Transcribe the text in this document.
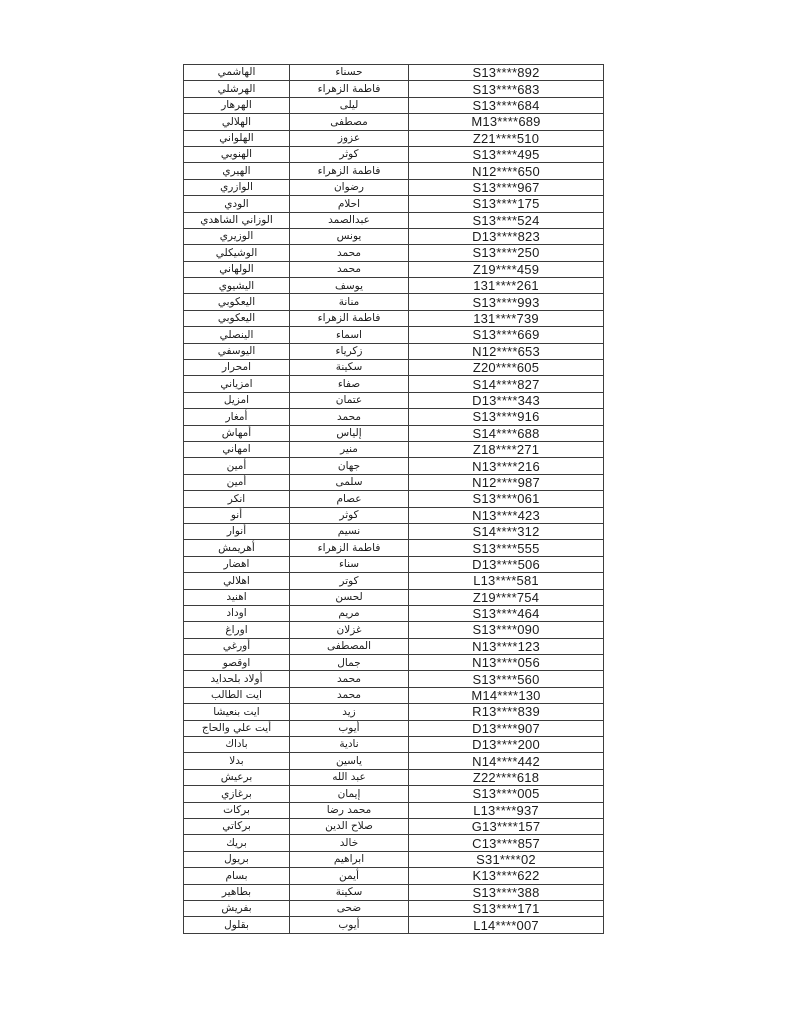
الهاشمي	حسناء	S13****892
الهرشلي	فاطمة الزهراء	S13****683
الهرهار	ليلى	S13****684
الهلالي	مصطفى	M13****689
الهلواني	عزوز	Z21****510
الهنوبي	كوثر	S13****495
الهيري	فاطمة الزهراء	N12****650
الوازري	رضوان	S13****967
الودي	احلام	S13****175
الوزاني الشاهدي	عبدالصمد	S13****524
الوزيري	يونس	D13****823
الوشيكلي	محمد	S13****250
الولهاني	محمد	Z19****459
اليشيوي	يوسف	131****261
اليعكوبي	منانة	S13****993
اليعكوبي	فاطمة الزهراء	131****739
الينصلي	اسماء	S13****669
اليوسفي	زكرياء	N12****653
امحرار	سكينة	Z20****605
امزياني	صفاء	S14****827
امزيل	عتمان	D13****343
أمغار	محمد	S13****916
أمهاش	إلياس	S14****688
امهاني	منير	Z18****271
أمين	جهان	N13****216
أمين	سلمى	N12****987
انكر	عصام	S13****061
أنو	كوثر	N13****423
أنوار	نسيم	S14****312
أهريمش	فاطمة الزهراء	S13****555
اهضار	سناء	D13****506
اهلالي	كوتر	L13****581
اهنيد	لحسن	Z19****754
اوداد	مريم	S13****464
اوراغ	غزلان	S13****090
أورغي	المصطفى	N13****123
اوقصو	جمال	N13****056
أولاد بلحدايد	محمد	S13****560
ايت الطالب	محمد	M14****130
ايت بنعيشا	زيد	R13****839
أيت علي والحاج	أيوب	D13****907
باداك	نادية	D13****200
بدلا	ياسين	N14****442
برعيش	عبد الله	Z22****618
برغازي	إيمان	S13****005
بركات	محمد رضا	L13****937
بركاتي	صلاح الدين	G13****157
بريك	خالد	C13****857
بريول	ابراهيم	S31****02
بسام	أيمن	K13****622
بطاهير	سكينة	S13****388
بفريش	ضحى	S13****171
بقلول	أيوب	L14****007
